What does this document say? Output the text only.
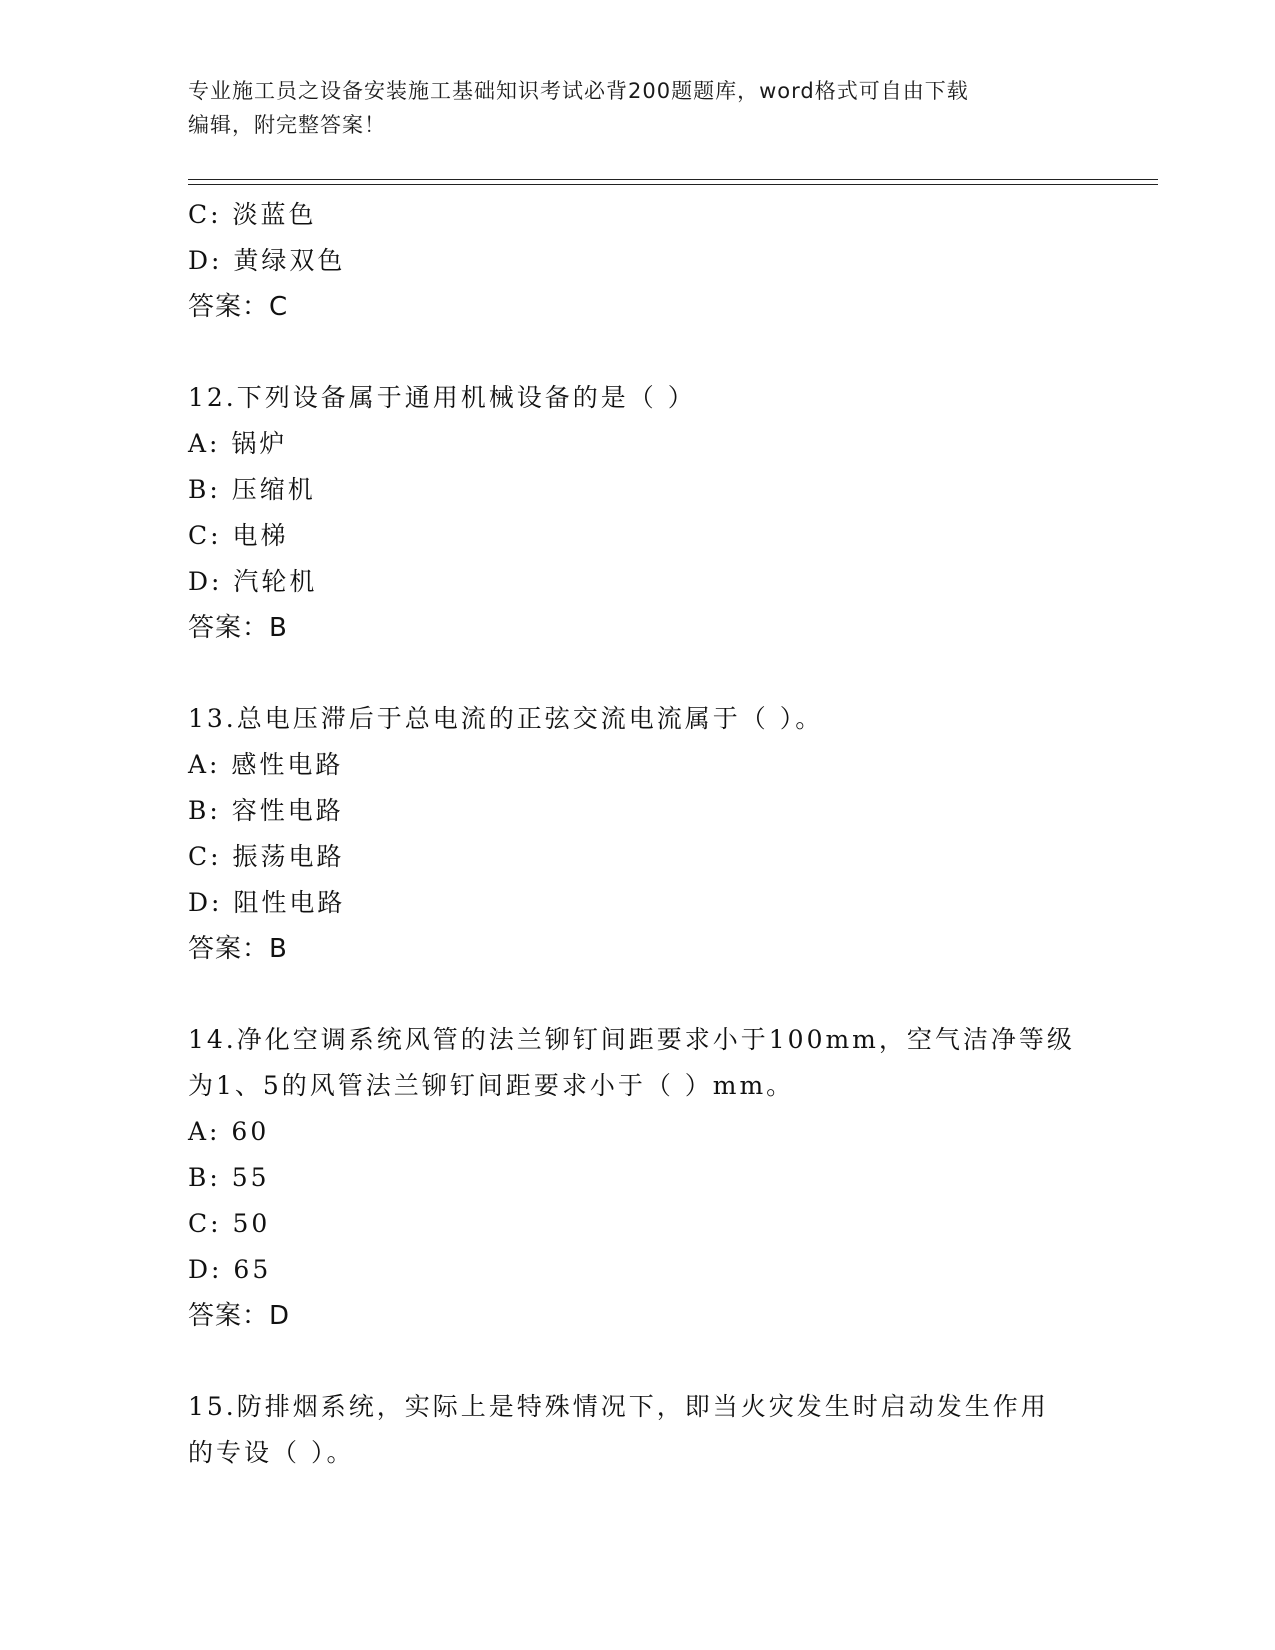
专业施工员之设备安装施工基础知识考试必背200题题库，word格式可自由下载
编辑，附完整答案！
C: 淡蓝色
D: 黄绿双色
答案：C
12.下列设备属于通用机械设备的是（ ）
A: 锅炉
B: 压缩机
C: 电梯
D: 汽轮机
答案：B
13.总电压滞后于总电流的正弦交流电流属于（ ）。
A: 感性电路
B: 容性电路
C: 振荡电路
D: 阻性电路
答案：B
14.净化空调系统风管的法兰铆钉间距要求小于100mm，空气洁净等级
为1、5的风管法兰铆钉间距要求小于（ ）mm。
A: 60
B: 55
C: 50
D: 65
答案：D
15.防排烟系统，实际上是特殊情况下，即当火灾发生时启动发生作用
的专设（ ）。
